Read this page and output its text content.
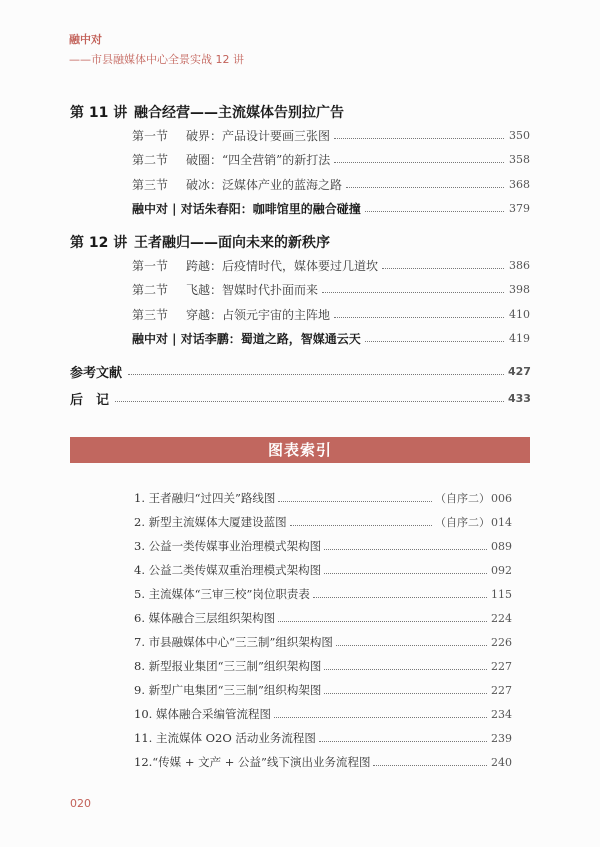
融中对
——市县融媒体中心全景实战 12 讲
第 11 讲 融合经营——主流媒体告别拉广告
第一节	破界：产品设计要画三张图	350
第二节	破圈：“四全营销”的新打法	358
第三节	破冰：泛媒体产业的蓝海之路	368
融中对 | 对话朱春阳：咖啡馆里的融合碰撞	379
第 12 讲 王者融归——面向未来的新秩序
第一节	跨越：后疫情时代，媒体要过几道坎	386
第二节	飞越：智媒时代扑面而来	398
第三节	穿越：占领元宇宙的主阵地	410
融中对 | 对话李鹏：蜀道之路，智媒通云天	419
参考文献	427
后　记	433
图表索引
1. 王者融归“过四关”路线图	（自序二） 006
2. 新型主流媒体大厦建设蓝图	（自序二） 014
3. 公益一类传媒事业治理模式架构图	089
4. 公益二类传媒双重治理模式架构图	092
5. 主流媒体“三审三校”岗位职责表	115
6. 媒体融合三层组织架构图	224
7. 市县融媒体中心“三三制”组织架构图	226
8. 新型报业集团“三三制”组织架构图	227
9. 新型广电集团“三三制”组织构架图	227
10. 媒体融合采编管流程图	234
11. 主流媒体 O2O 活动业务流程图	239
12.“传媒 + 文产 + 公益”线下演出业务流程图	240
020
